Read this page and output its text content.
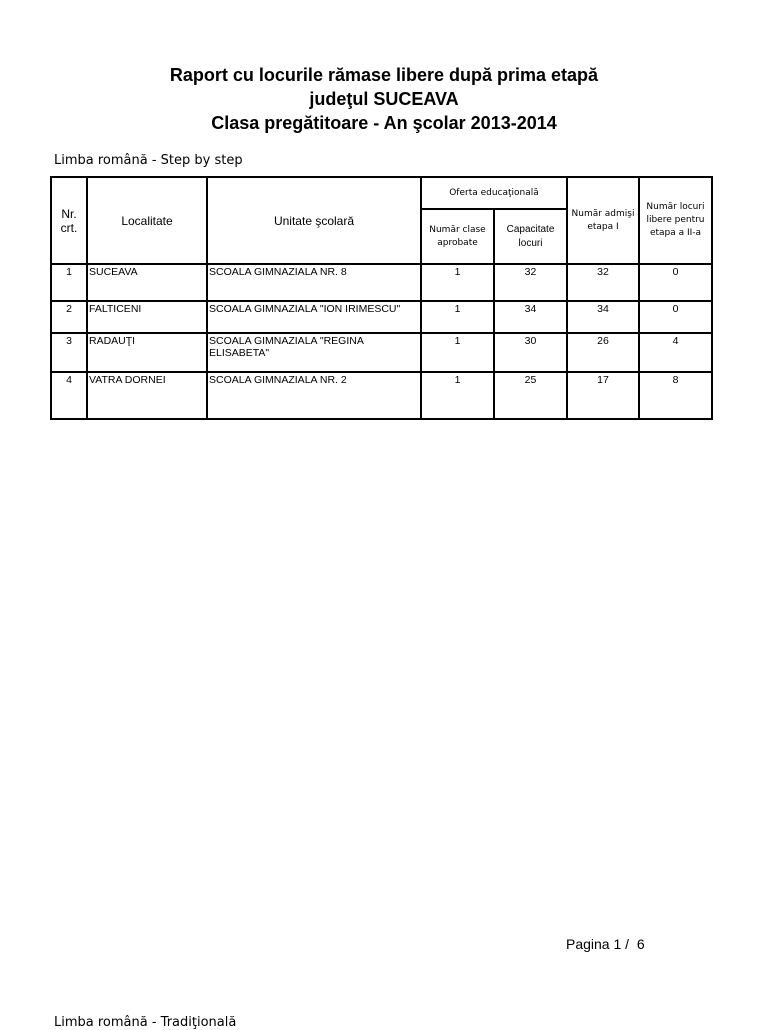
Raport cu locurile rămase libere după prima etapă
judeţul SUCEAVA
Clasa pregătitoare - An şcolar 2013-2014
Limba română - Step by step
Nr. crt.	Localitate	Unitate şcolară	Oferta educaţională		Număr admişi etapa I	Număr locuri libere pentru etapa a II-a
			Număr clase aprobate	Capacitate locuri		
1	SUCEAVA	SCOALA GIMNAZIALA NR. 8	1	32	32	0
2	FALTICENI	SCOALA GIMNAZIALA "ION IRIMESCU"	1	34	34	0
3	RADAUŢI	SCOALA GIMNAZIALA "REGINA ELISABETA"	1	30	26	4
4	VATRA DORNEI	SCOALA GIMNAZIALA NR. 2	1	25	17	8
Pagina 1 /  6
Limba română - Tradiţională
